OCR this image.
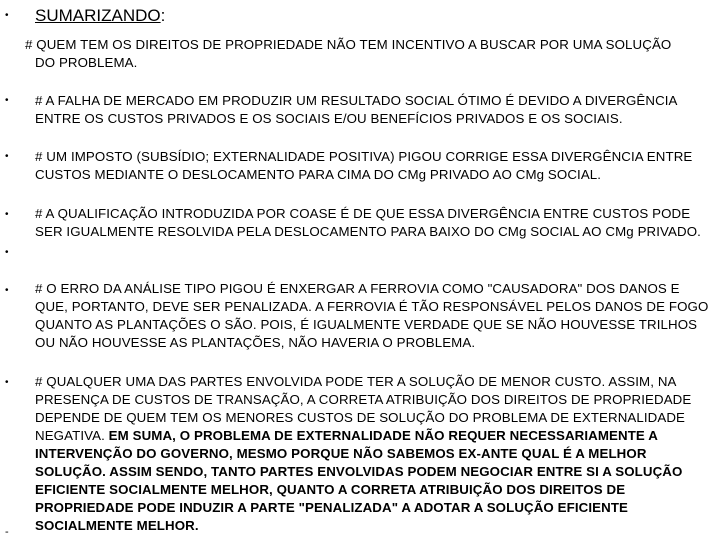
•
•
•
•
•
•
•
SUMARIZANDO:
# QUEM TEM OS DIREITOS DE PROPRIEDADE NÃO TEM INCENTIVO A BUSCAR POR UMA SOLUÇÃO
DO PROBLEMA.
# A FALHA DE MERCADO EM PRODUZIR UM RESULTADO SOCIAL ÓTIMO É DEVIDO A DIVERGÊNCIA ENTRE OS CUSTOS PRIVADOS E OS SOCIAIS E/OU BENEFÍCIOS PRIVADOS E OS SOCIAIS.
# UM IMPOSTO (SUBSÍDIO; EXTERNALIDADE POSITIVA) PIGOU CORRIGE ESSA DIVERGÊNCIA ENTRE CUSTOS MEDIANTE O DESLOCAMENTO PARA CIMA DO CMg PRIVADO AO CMg SOCIAL.
# A QUALIFICAÇÃO INTRODUZIDA POR COASE É DE QUE ESSA DIVERGÊNCIA ENTRE CUSTOS PODE SER IGUALMENTE RESOLVIDA PELA DESLOCAMENTO PARA BAIXO DO CMg SOCIAL AO CMg PRIVADO.
# O ERRO DA ANÁLISE TIPO PIGOU É ENXERGAR A FERROVIA COMO "CAUSADORA" DOS DANOS E QUE, PORTANTO, DEVE SER PENALIZADA. A FERROVIA É TÃO RESPONSÁVEL PELOS DANOS DE FOGO QUANTO AS PLANTAÇÕES O SÃO. POIS, É IGUALMENTE VERDADE QUE SE NÃO HOUVESSE TRILHOS OU NÃO HOUVESSE AS PLANTAÇÕES, NÃO HAVERIA O PROBLEMA.
# QUALQUER UMA DAS PARTES ENVOLVIDA PODE TER A SOLUÇÃO DE MENOR CUSTO. ASSIM, NA PRESENÇA DE CUSTOS DE TRANSAÇÃO, A CORRETA ATRIBUIÇÃO DOS DIREITOS DE PROPRIEDADE DEPENDE DE QUEM TEM OS MENORES CUSTOS DE SOLUÇÃO DO PROBLEMA DE EXTERNALIDADE NEGATIVA. EM SUMA, O PROBLEMA DE EXTERNALIDADE NÃO REQUER NECESSARIAMENTE A INTERVENÇÃO DO GOVERNO, MESMO PORQUE NÃO SABEMOS EX-ANTE QUAL É A MELHOR SOLUÇÃO. ASSIM SENDO, TANTO PARTES ENVOLVIDAS PODEM NEGOCIAR ENTRE SI A SOLUÇÃO EFICIENTE SOCIALMENTE MELHOR, QUANTO A CORRETA ATRIBUIÇÃO DOS DIREITOS DE PROPRIEDADE PODE INDUZIR A PARTE "PENALIZADA" A ADOTAR A SOLUÇÃO EFICIENTE SOCIALMENTE MELHOR.
-
